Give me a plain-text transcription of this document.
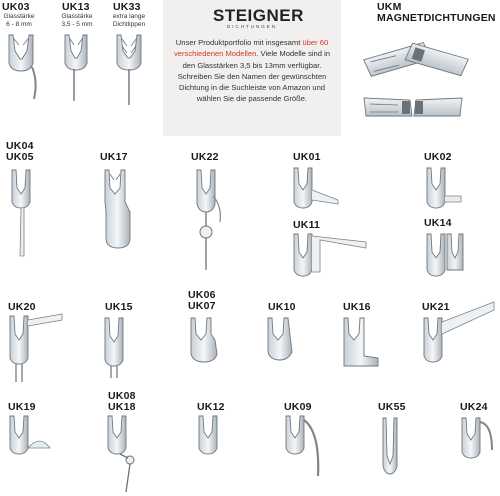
Unser Produktportfolio mit insgesamt über 60 verschiedenen Modellen. Viele Modelle sind in den Glasstärken 3,5 bis 13mm verfügbar. Schreiben Sie den Namen der gewünschten Dichtung in die Suchleiste von Amazon und wählen Sie die passende Größe.

STEIGNER
DICHTUNGEN
UK03
Glasstärke
6 - 8 mm
UK13
Glasstärke
3,5 - 5 mm
UK33
extra lange
Dichtlippen
UKM MAGNETDICHTUNGEN
UK04
UK05	UK17	UK22	UK01	UK02
UK11	UK14
UK20	UK15
UK06
UK07	UK10	UK16	UK21
UK19
UK08
UK18	UK12	UK09	UK55	UK24
